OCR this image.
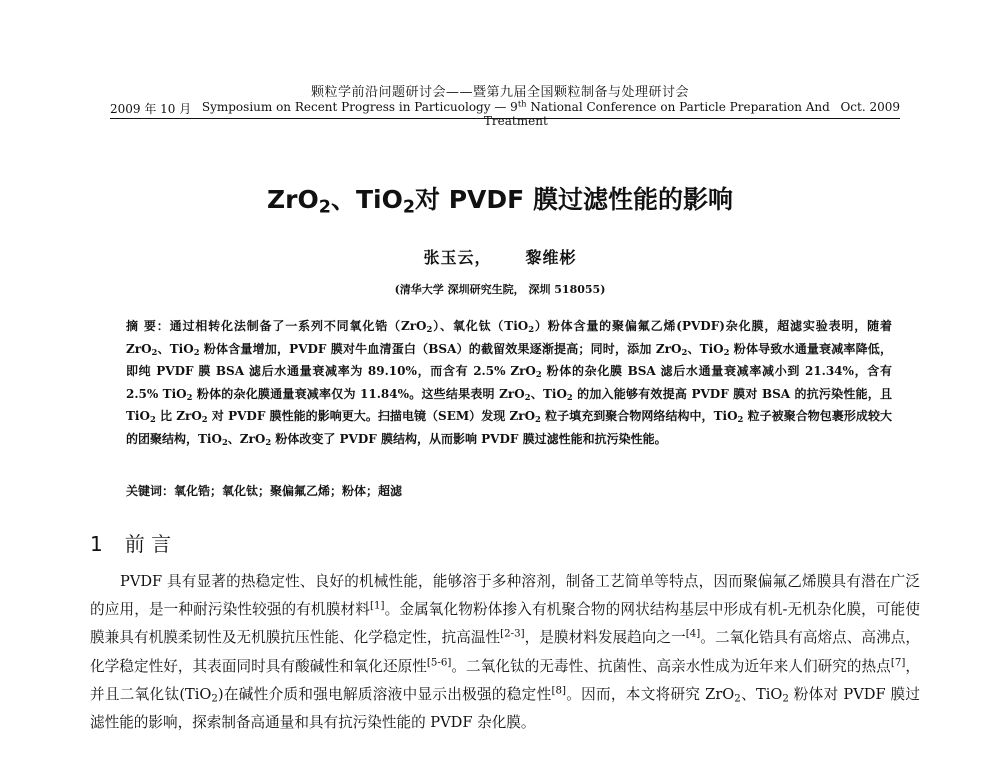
颗粒学前沿问题研讨会——暨第九届全国颗粒制备与处理研讨会
2009 年 10 月 Symposium on Recent Progress in Particuology — 9th National Conference on Particle Preparation And Treatment
Oct. 2009
ZrO$_2$、TiO$_2$对 PVDF 膜过滤性能的影响
张玉云， 黎维彬
(清华大学 深圳研究生院， 深圳 518055)
摘 要：通过相转化法制备了一系列不同氧化锆（ZrO$_2$）、氧化钛（TiO$_2$）粉体含量的聚偏氟乙烯(PVDF)杂化膜，超滤实验表明，随着 ZrO$_2$、TiO$_2$ 粉体含量增加，PVDF 膜对牛血清蛋白（BSA）的截留效果逐渐提高；同时，添加 ZrO$_2$、TiO$_2$ 粉体导致水通量衰减率降低，即纯 PVDF 膜 BSA 滤后水通量衰减率为 89.10%，而含有 2.5% ZrO$_2$ 粉体的杂化膜 BSA 滤后水通量衰减率减小到 21.34%，含有 2.5% TiO$_2$ 粉体的杂化膜通量衰减率仅为 11.84%。这些结果表明 ZrO$_2$、TiO$_2$ 的加入能够有效提高 PVDF 膜对 BSA 的抗污染性能，且 TiO$_2$ 比 ZrO$_2$ 对 PVDF 膜性能的影响更大。扫描电镜（SEM）发现 ZrO$_2$ 粒子填充到聚合物网络结构中，TiO$_2$ 粒子被聚合物包裹形成较大的团聚结构，TiO$_2$、ZrO$_2$ 粉体改变了 PVDF 膜结构，从而影响 PVDF 膜过滤性能和抗污染性能。
关键词：氧化锆；氧化钛；聚偏氟乙烯；粉体；超滤
1 前 言
PVDF 具有显著的热稳定性、良好的机械性能，能够溶于多种溶剂，制备工艺简单等特点，因而聚偏氟乙烯膜具有潜在广泛的应用，是一种耐污染性较强的有机膜材料[1]。金属氧化物粉体掺入有机聚合物的网状结构基层中形成有机-无机杂化膜，可能使膜兼具有机膜柔韧性及无机膜抗压性能、化学稳定性，抗高温性[2-3]，是膜材料发展趋向之一[4]。二氧化锆具有高熔点、高沸点，化学稳定性好，其表面同时具有酸碱性和氧化还原性[5-6]。二氧化钛的无毒性、抗菌性、高亲水性成为近年来人们研究的热点[7]，并且二氧化钛(TiO$_2$)在碱性介质和强电解质溶液中显示出极强的稳定性[8]。因而，本文将研究 ZrO$_2$、TiO$_2$ 粉体对 PVDF 膜过滤性能的影响，探索制备高通量和具有抗污染性能的 PVDF 杂化膜。
